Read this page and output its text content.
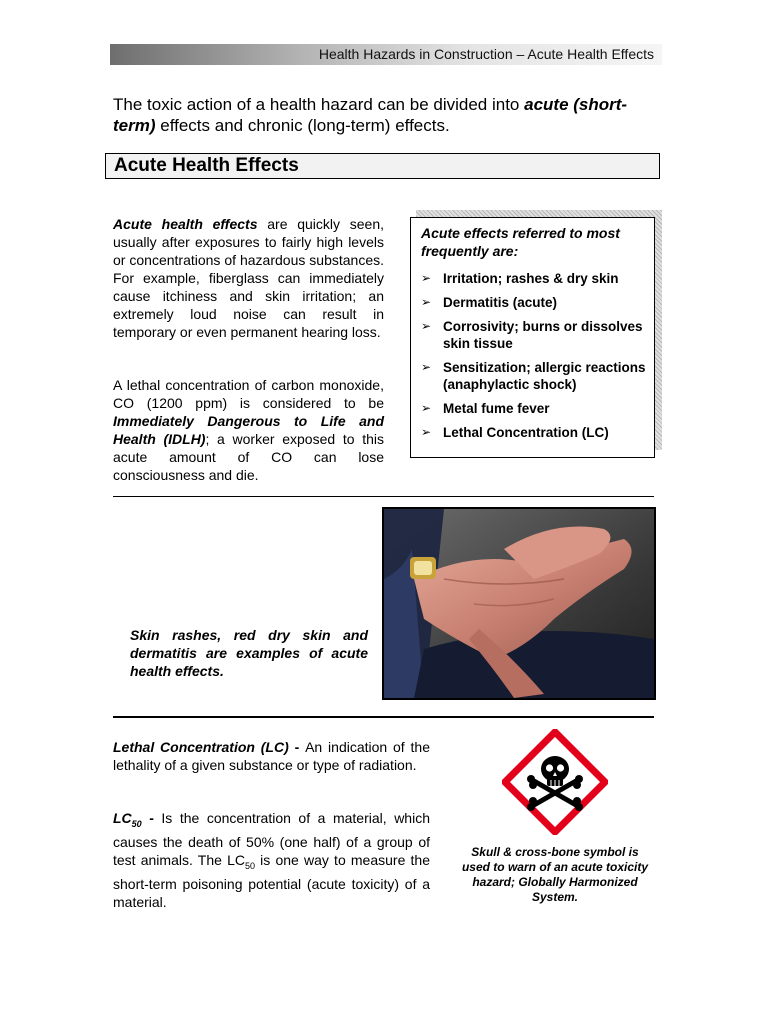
Health Hazards in Construction – Acute Health Effects
The toxic action of a health hazard can be divided into acute (short-term) effects and chronic (long-term) effects.
Acute Health Effects
Acute health effects are quickly seen, usually after exposures to fairly high levels or concentrations of hazardous substances. For example, fiberglass can immediately cause itchiness and skin irritation; an extremely loud noise can result in temporary or even permanent hearing loss.
A lethal concentration of carbon monoxide, CO (1200 ppm) is considered to be Immediately Dangerous to Life and Health (IDLH); a worker exposed to this acute amount of CO can lose consciousness and die.
Acute effects referred to most frequently are:
➢ Irritation; rashes & dry skin
➢ Dermatitis (acute)
➢ Corrosivity; burns or dissolves skin tissue
➢ Sensitization; allergic reactions (anaphylactic shock)
➢ Metal fume fever
➢ Lethal Concentration (LC)
Skin rashes, red dry skin and dermatitis are examples of acute health effects.
Lethal Concentration (LC) - An indication of the lethality of a given substance or type of radiation.
$LC_{50}$ - Is the concentration of a material, which causes the death of 50% (one half) of a group of test animals. The $LC_{50}$ is one way to measure the short-term poisoning potential (acute toxicity) of a material.
Skull & cross-bone symbol is used to warn of an acute toxicity hazard; Globally Harmonized System.
